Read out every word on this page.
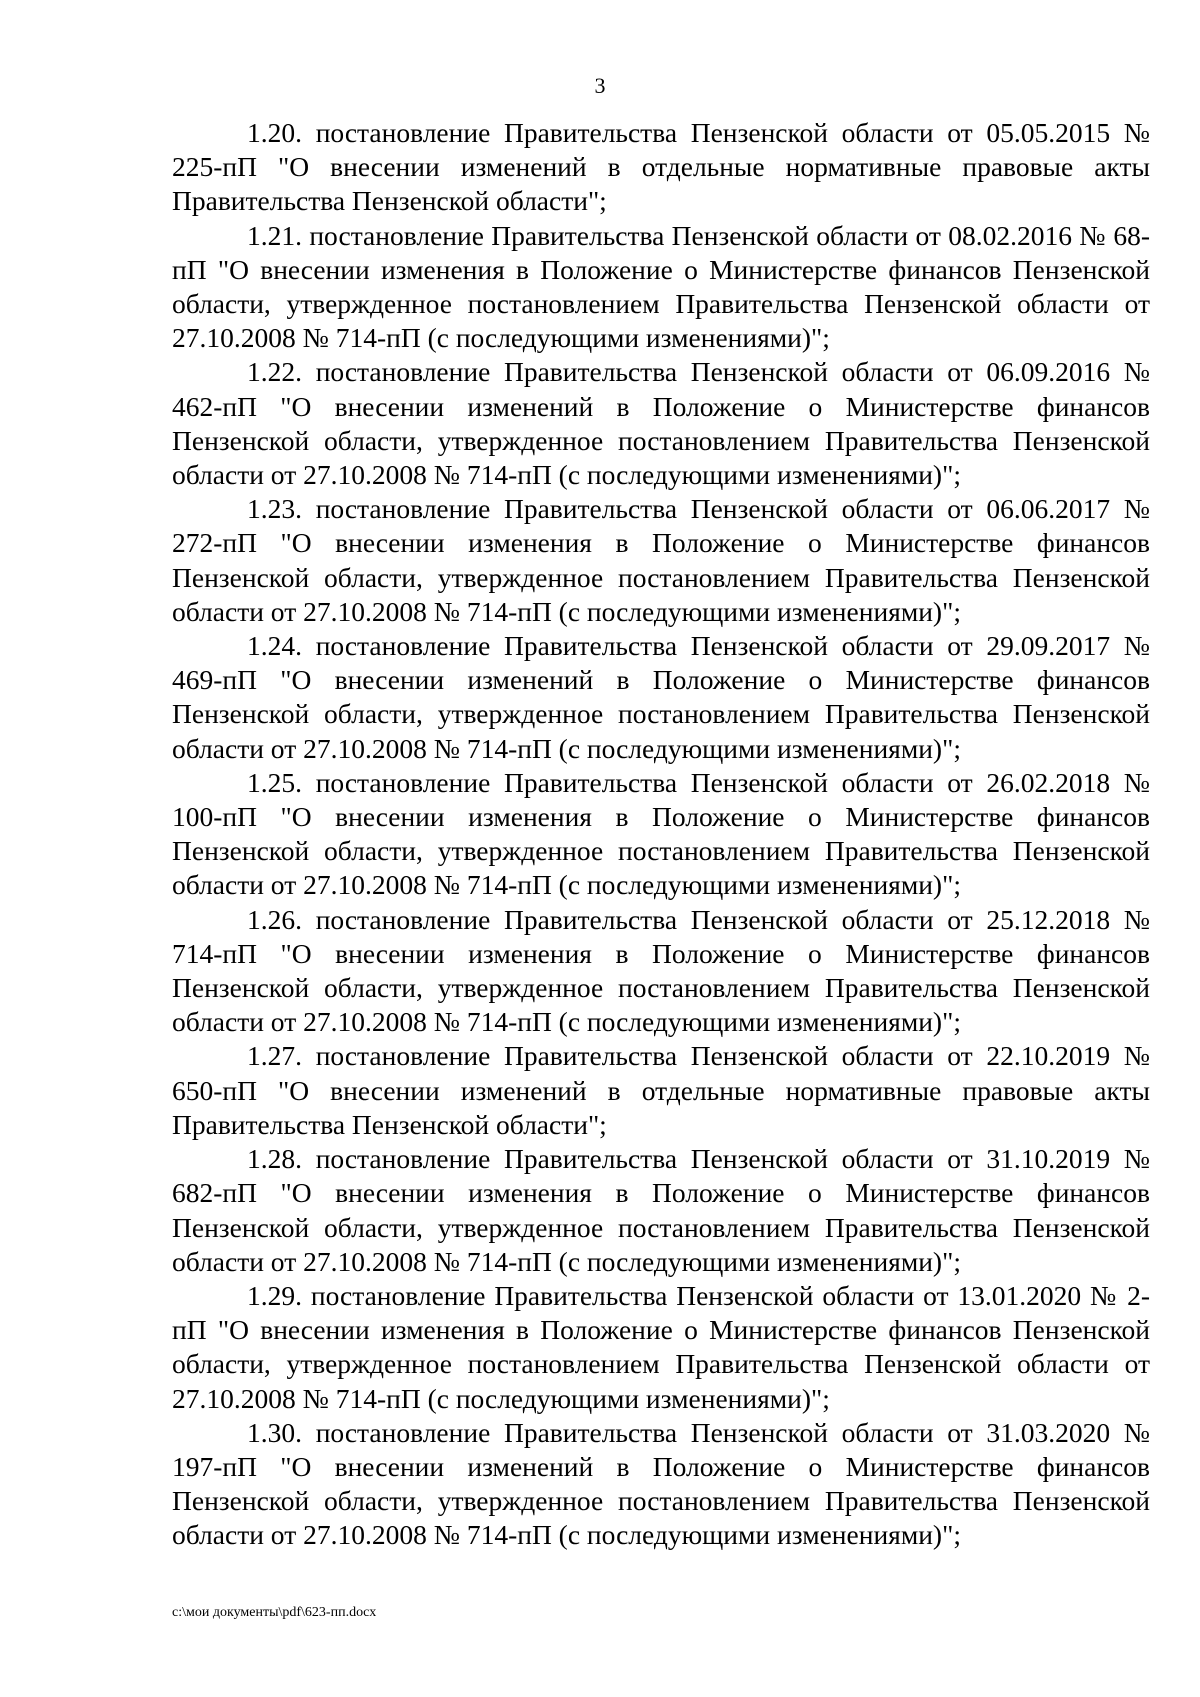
3

1.20. постановление Правительства Пензенской области от 05.05.2015 № 225-пП "О внесении изменений в отдельные нормативные правовые акты Правительства Пензенской области";

1.21. постановление Правительства Пензенской области от 08.02.2016 № 68-пП "О внесении изменения в Положение о Министерстве финансов Пензенской области, утвержденное постановлением Правительства Пензенской области от 27.10.2008 № 714-пП (с последующими изменениями)";

1.22. постановление Правительства Пензенской области от 06.09.2016 № 462-пП "О внесении изменений в Положение о Министерстве финансов Пензенской области, утвержденное постановлением Правительства Пензенской области от 27.10.2008 № 714-пП (с последующими изменениями)";

1.23. постановление Правительства Пензенской области от 06.06.2017 № 272-пП "О внесении изменения в Положение о Министерстве финансов Пензенской области, утвержденное постановлением Правительства Пензенской области от 27.10.2008 № 714-пП (с последующими изменениями)";

1.24. постановление Правительства Пензенской области от 29.09.2017 № 469-пП "О внесении изменений в Положение о Министерстве финансов Пензенской области, утвержденное постановлением Правительства Пензенской области от 27.10.2008 № 714-пП (с последующими изменениями)";

1.25. постановление Правительства Пензенской области от 26.02.2018 № 100-пП "О внесении изменения в Положение о Министерстве финансов Пензенской области, утвержденное постановлением Правительства Пензенской области от 27.10.2008 № 714-пП (с последующими изменениями)";

1.26. постановление Правительства Пензенской области от 25.12.2018 № 714-пП "О внесении изменения в Положение о Министерстве финансов Пензенской области, утвержденное постановлением Правительства Пензенской области от 27.10.2008 № 714-пП (с последующими изменениями)";

1.27. постановление Правительства Пензенской области от 22.10.2019 № 650-пП "О внесении изменений в отдельные нормативные правовые акты Правительства Пензенской области";

1.28. постановление Правительства Пензенской области от 31.10.2019 № 682-пП "О внесении изменения в Положение о Министерстве финансов Пензенской области, утвержденное постановлением Правительства Пензенской области от 27.10.2008 № 714-пП (с последующими изменениями)";

1.29. постановление Правительства Пензенской области от 13.01.2020 № 2-пП "О внесении изменения в Положение о Министерстве финансов Пензенской области, утвержденное постановлением Правительства Пензенской области от 27.10.2008 № 714-пП (с последующими изменениями)";

1.30. постановление Правительства Пензенской области от 31.03.2020 № 197-пП "О внесении изменений в Положение о Министерстве финансов Пензенской области, утвержденное постановлением Правительства Пензенской области от 27.10.2008 № 714-пП (с последующими изменениями)";

c:\мои документы\pdf\623-пп.docx
